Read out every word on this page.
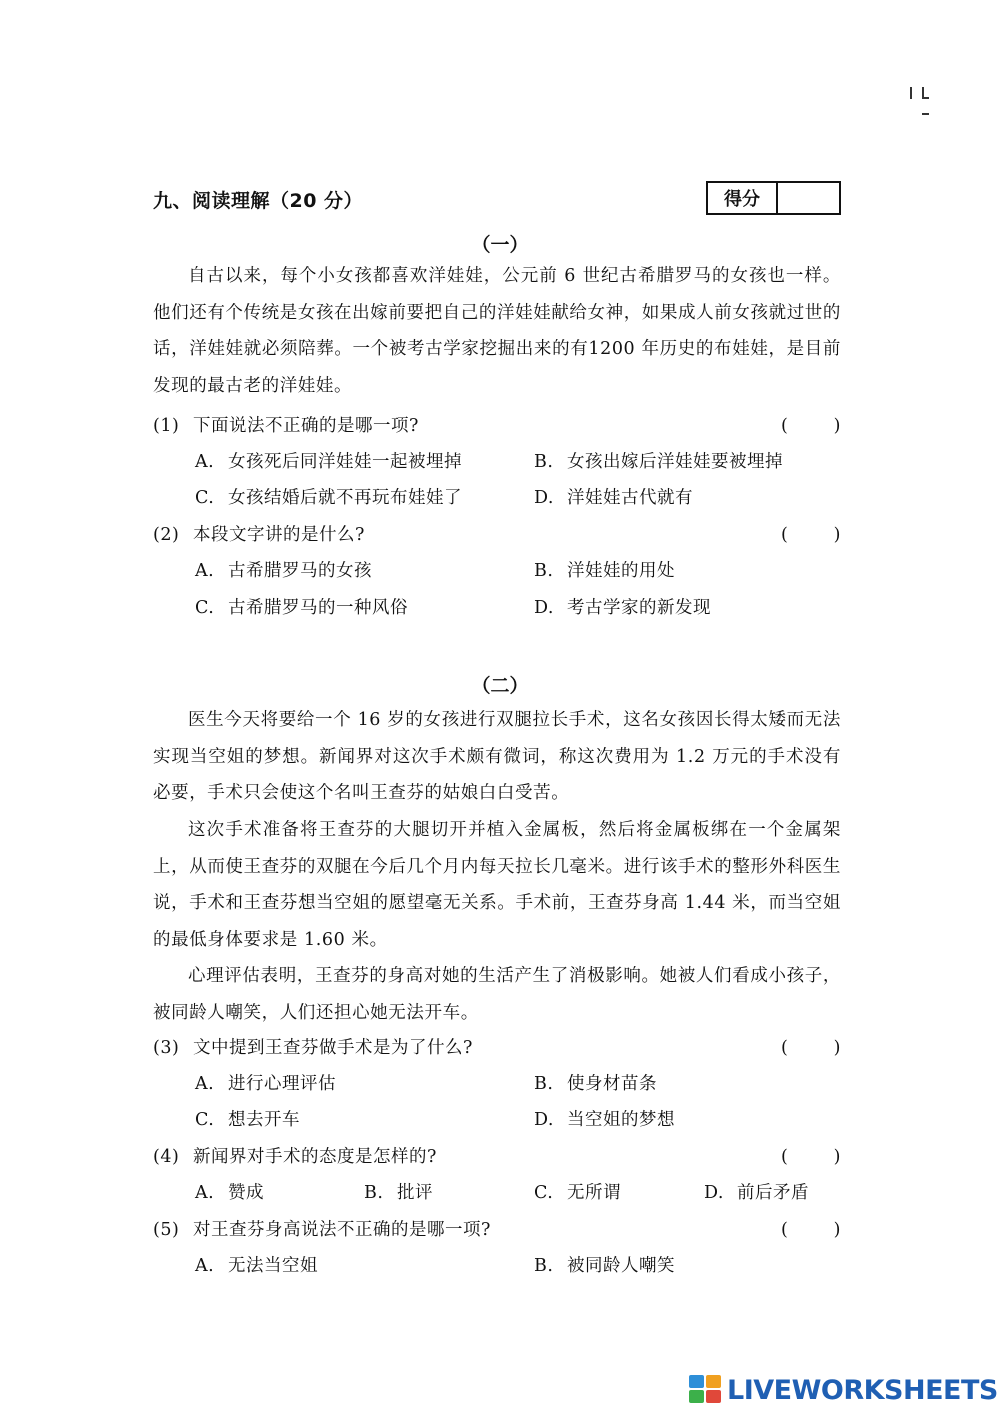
九、阅读理解（20 分）	得分
（一）

自古以来，每个小女孩都喜欢洋娃娃，公元前 6 世纪古希腊罗马的女孩也一样。他们还有个传统是女孩在出嫁前要把自己的洋娃娃献给女神，如果成人前女孩就过世的话，洋娃娃就必须陪葬。一个被考古学家挖掘出来的有1200 年历史的布娃娃，是目前发现的最古老的洋娃娃。

(1) 下面说法不正确的是哪一项?	(	)
A. 女孩死后同洋娃娃一起被埋掉	B. 女孩出嫁后洋娃娃要被埋掉
C. 女孩结婚后就不再玩布娃娃了	D. 洋娃娃古代就有
(2) 本段文字讲的是什么?	(	)
A. 古希腊罗马的女孩	B. 洋娃娃的用处
C. 古希腊罗马的一种风俗	D. 考古学家的新发现
（二）

医生今天将要给一个 16 岁的女孩进行双腿拉长手术，这名女孩因长得太矮而无法实现当空姐的梦想。新闻界对这次手术颇有微词，称这次费用为 1.2 万元的手术没有必要，手术只会使这个名叫王查芬的姑娘白白受苦。

这次手术准备将王查芬的大腿切开并植入金属板，然后将金属板绑在一个金属架上，从而使王查芬的双腿在今后几个月内每天拉长几毫米。进行该手术的整形外科医生说，手术和王查芬想当空姐的愿望毫无关系。手术前，王查芬身高 1.44 米，而当空姐的最低身体要求是 1.60 米。

心理评估表明，王查芬的身高对她的生活产生了消极影响。她被人们看成小孩子，被同龄人嘲笑，人们还担心她无法开车。

(3) 文中提到王查芬做手术是为了什么?	(	)
A. 进行心理评估	B. 使身材苗条
C. 想去开车	D. 当空姐的梦想
(4) 新闻界对手术的态度是怎样的?	(	)
A. 赞成	B. 批评	C. 无所谓	D. 前后矛盾
(5) 对王查芬身高说法不正确的是哪一项?	(	)
A. 无法当空姐	B. 被同龄人嘲笑
LIVEWORKSHEETS
